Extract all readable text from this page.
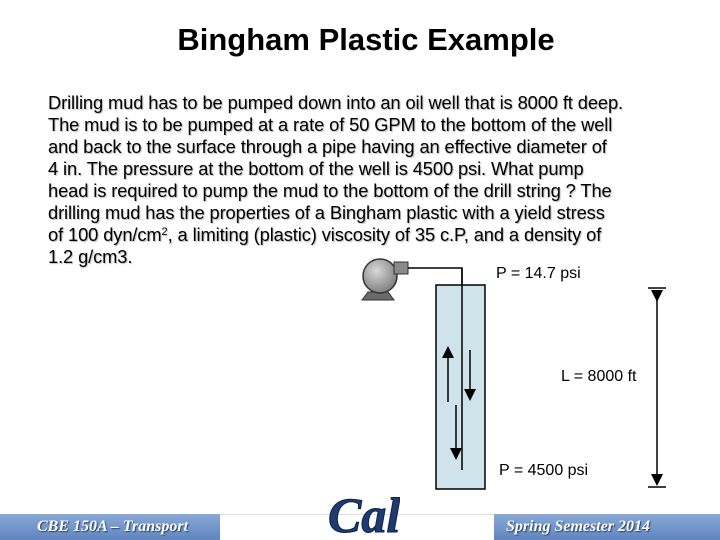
Bingham Plastic Example
Drilling mud has to be pumped down into an oil well that is 8000 ft deep.
The mud is to be pumped at a rate of 50 GPM to the bottom of the well
and back to the surface through a pipe having an effective diameter of
4 in. The pressure at the bottom of the well is 4500 psi. What pump
head is required to pump the mud to the bottom of the drill string ? The
drilling mud has the properties of a Bingham plastic with a yield stress
of 100 dyn/$cm^2$, a limiting (plastic) viscosity of 35 c.P, and a density of
1.2 g/cm3.
P = 14.7 psi
L = 8000 ft
P = 4500 psi
CBE 150A – Transport	Spring Semester 2014
Cal
